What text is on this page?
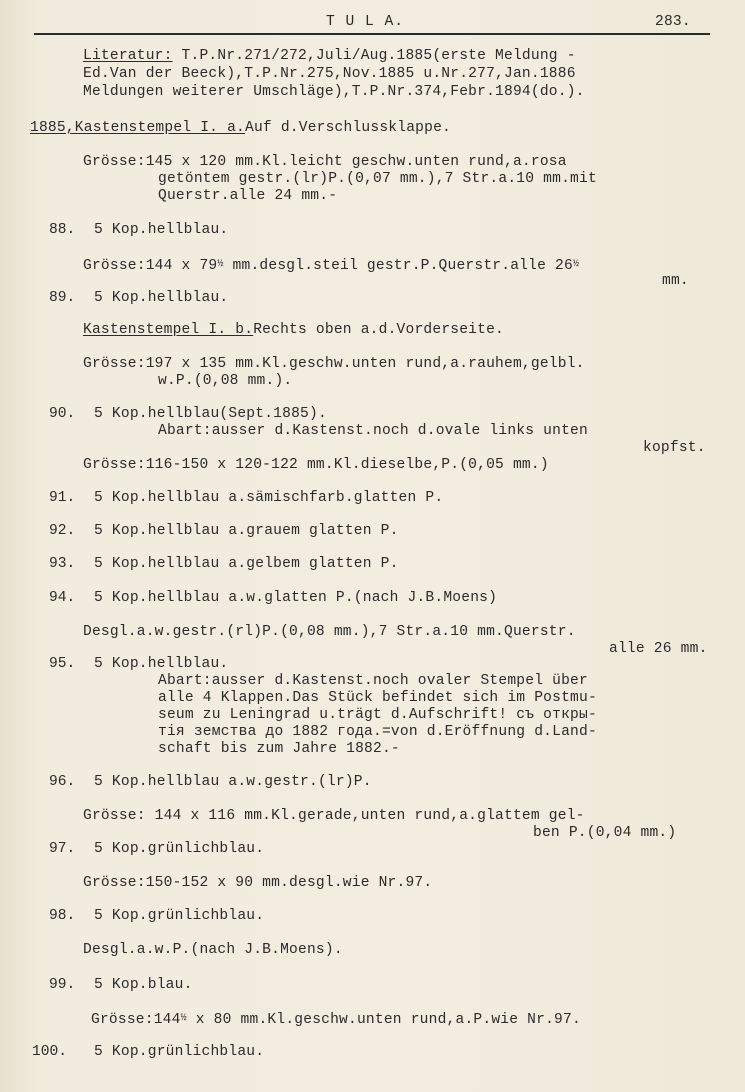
T U L A.	283.
Literatur: T.P.Nr.271/272,Juli/Aug.1885(erste Meldung -
Ed.Van der Beeck),T.P.Nr.275,Nov.1885 u.Nr.277,Jan.1886
Meldungen weiterer Umschläge),T.P.Nr.374,Febr.1894(do.).
1885,Kastenstempel I. a.Auf d.Verschlussklappe.
Grösse:145 x 120 mm.Kl.leicht geschw.unten rund,a.rosa
getöntem gestr.(lr)P.(0,07 mm.),7 Str.a.10 mm.mit
Querstr.alle 24 mm.-
88. 5 Kop.hellblau.
Grösse:144 x $79^{\frac{1}{2}}$ mm.desgl.steil gestr.P.Querstr.alle $26^{\frac{1}{2}}$
mm.
89. 5 Kop.hellblau.
Kastenstempel I. b.Rechts oben a.d.Vorderseite.
Grösse:197 x 135 mm.Kl.geschw.unten rund,a.rauhem,gelbl.
w.P.(0,08 mm.).
90. 5 Kop.hellblau(Sept.1885).
Abart:ausser d.Kastenst.noch d.ovale links unten
kopfst.
Grösse:116-150 x 120-122 mm.Kl.dieselbe,P.(0,05 mm.)
91. 5 Kop.hellblau a.sämischfarb.glatten P.
92. 5 Kop.hellblau a.grauem glatten P.
93. 5 Kop.hellblau a.gelbem glatten P.
94. 5 Kop.hellblau a.w.glatten P.(nach J.B.Moens)
Desgl.a.w.gestr.(rl)P.(0,08 mm.),7 Str.a.10 mm.Querstr.
alle 26 mm.
95. 5 Kop.hellblau.
Abart:ausser d.Kastenst.noch ovaler Stempel über
alle 4 Klappen.Das Stück befindet sich im Postmu-
seum zu Leningrad u.trägt d.Aufschrift! съ откры-
тiя земства до 1882 года.=von d.Eröffnung d.Land-
schaft bis zum Jahre 1882.-
96. 5 Kop.hellblau a.w.gestr.(lr)P.
Grösse: 144 x 116 mm.Kl.gerade,unten rund,a.glattem gel-
ben P.(0,04 mm.)
97. 5 Kop.grünlichblau.
Grösse:150-152 x 90 mm.desgl.wie Nr.97.
98. 5 Kop.grünlichblau.
Desgl.a.w.P.(nach J.B.Moens).
99. 5 Kop.blau.
$Grösse:144^{\frac{1}{2}}$ x 80 mm.Kl.geschw.unten rund,a.P.wie Nr.97.
100. 5 Kop.grünlichblau.
